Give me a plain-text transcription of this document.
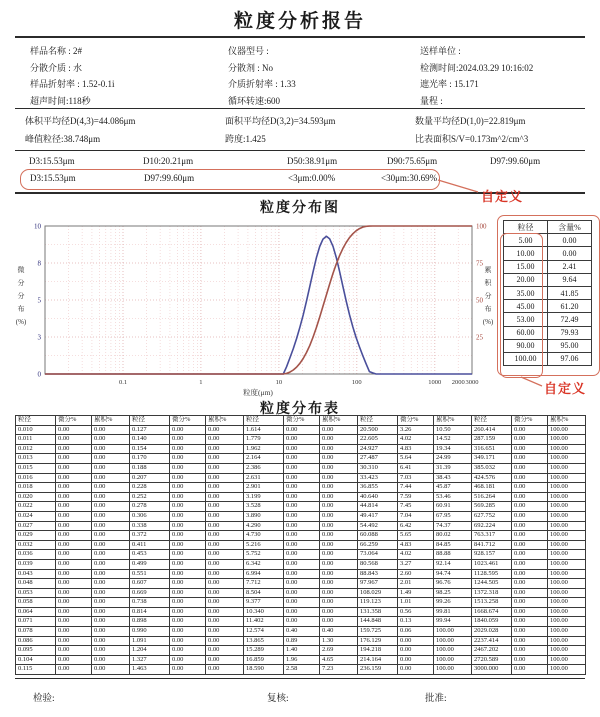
粒度分析报告
样品名称 : 2#	仪器型号 :	送样单位 :
分散介质 : 水	分散剂 : No	检测时间:2024.03.29 10:16:02
样品折射率 : 1.52-0.1i	介质折射率 : 1.33	遮光率 : 15.171
超声时间:118秒	循环转速:600	量程 :
体积平均径D(4,3)=44.086μm	面积平均径D(3,2)=34.593μm	数量平均径D(1,0)=22.819μm
峰值粒径:38.748μm	跨度:1.425	比表面积S/V=0.173m^2/cm^3
D3:15.53μm	D10:20.21μm	D50:38.91μm	D90:75.65μm	D97:99.60μm
D3:15.53μm	D97:99.60μm	<3μm:0.00%	<30μm:30.69%
自定义
粒度分布图
10
8
5
3
0
100
75
50
25
0.1	1	10	100	1000 2000 3000
粒度(μm)
微
分
分
布
(%)
累
积
分
布
(%)
粒径	含量%
5.00	0.00
10.00	0.00
15.00	2.41
20.00	9.64
35.00	41.85
45.00	61.20
53.00	72.49
60.00	79.93
90.00	95.00
100.00	97.06
自定义
粒度分布表
粒径	微分%	累积%	粒径	微分%	累积%	粒径	微分%	累积%	粒径	微分%	累积%	粒径	微分%	累积%
0.010	0.00	0.00	0.127	0.00	0.00	1.614	0.00	0.00	20.500	3.26	10.50	260.414	0.00	100.00
0.011	0.00	0.00	0.140	0.00	0.00	1.779	0.00	0.00	22.605	4.02	14.52	287.159	0.00	100.00
0.012	0.00	0.00	0.154	0.00	0.00	1.962	0.00	0.00	24.927	4.83	19.34	316.651	0.00	100.00
0.013	0.00	0.00	0.170	0.00	0.00	2.164	0.00	0.00	27.487	5.64	24.99	349.171	0.00	100.00
0.015	0.00	0.00	0.188	0.00	0.00	2.386	0.00	0.00	30.310	6.41	31.39	385.032	0.00	100.00
0.016	0.00	0.00	0.207	0.00	0.00	2.631	0.00	0.00	33.423	7.03	38.43	424.576	0.00	100.00
0.018	0.00	0.00	0.228	0.00	0.00	2.901	0.00	0.00	36.855	7.44	45.87	468.181	0.00	100.00
0.020	0.00	0.00	0.252	0.00	0.00	3.199	0.00	0.00	40.640	7.59	53.46	516.264	0.00	100.00
0.022	0.00	0.00	0.278	0.00	0.00	3.528	0.00	0.00	44.814	7.45	60.91	569.285	0.00	100.00
0.024	0.00	0.00	0.306	0.00	0.00	3.890	0.00	0.00	49.417	7.04	67.95	627.752	0.00	100.00
0.027	0.00	0.00	0.338	0.00	0.00	4.290	0.00	0.00	54.492	6.42	74.37	692.224	0.00	100.00
0.029	0.00	0.00	0.372	0.00	0.00	4.730	0.00	0.00	60.088	5.65	80.02	763.317	0.00	100.00
0.032	0.00	0.00	0.411	0.00	0.00	5.216	0.00	0.00	66.259	4.83	84.85	841.712	0.00	100.00
0.036	0.00	0.00	0.453	0.00	0.00	5.752	0.00	0.00	73.064	4.02	88.88	928.157	0.00	100.00
0.039	0.00	0.00	0.499	0.00	0.00	6.342	0.00	0.00	80.568	3.27	92.14	1023.461	0.00	100.00
0.043	0.00	0.00	0.551	0.00	0.00	6.994	0.00	0.00	88.843	2.60	94.74	1128.595	0.00	100.00
0.048	0.00	0.00	0.607	0.00	0.00	7.712	0.00	0.00	97.967	2.01	96.76	1244.505	0.00	100.00
0.053	0.00	0.00	0.669	0.00	0.00	8.504	0.00	0.00	108.029	1.49	98.25	1372.318	0.00	100.00
0.058	0.00	0.00	0.738	0.00	0.00	9.377	0.00	0.00	119.123	1.01	99.26	1513.258	0.00	100.00
0.064	0.00	0.00	0.814	0.00	0.00	10.340	0.00	0.00	131.358	0.56	99.81	1668.674	0.00	100.00
0.071	0.00	0.00	0.898	0.00	0.00	11.402	0.00	0.00	144.848	0.13	99.94	1840.059	0.00	100.00
0.078	0.00	0.00	0.990	0.00	0.00	12.574	0.40	0.40	159.725	0.06	100.00	2029.028	0.00	100.00
0.086	0.00	0.00	1.091	0.00	0.00	13.865	0.89	1.30	176.129	0.00	100.00	2237.414	0.00	100.00
0.095	0.00	0.00	1.204	0.00	0.00	15.289	1.40	2.69	194.218	0.00	100.00	2467.202	0.00	100.00
0.104	0.00	0.00	1.327	0.00	0.00	16.859	1.96	4.65	214.164	0.00	100.00	2720.589	0.00	100.00
0.115	0.00	0.00	1.463	0.00	0.00	18.590	2.58	7.23	236.159	0.00	100.00	3000.000	0.00	100.00
检验:	复核:	批准:
